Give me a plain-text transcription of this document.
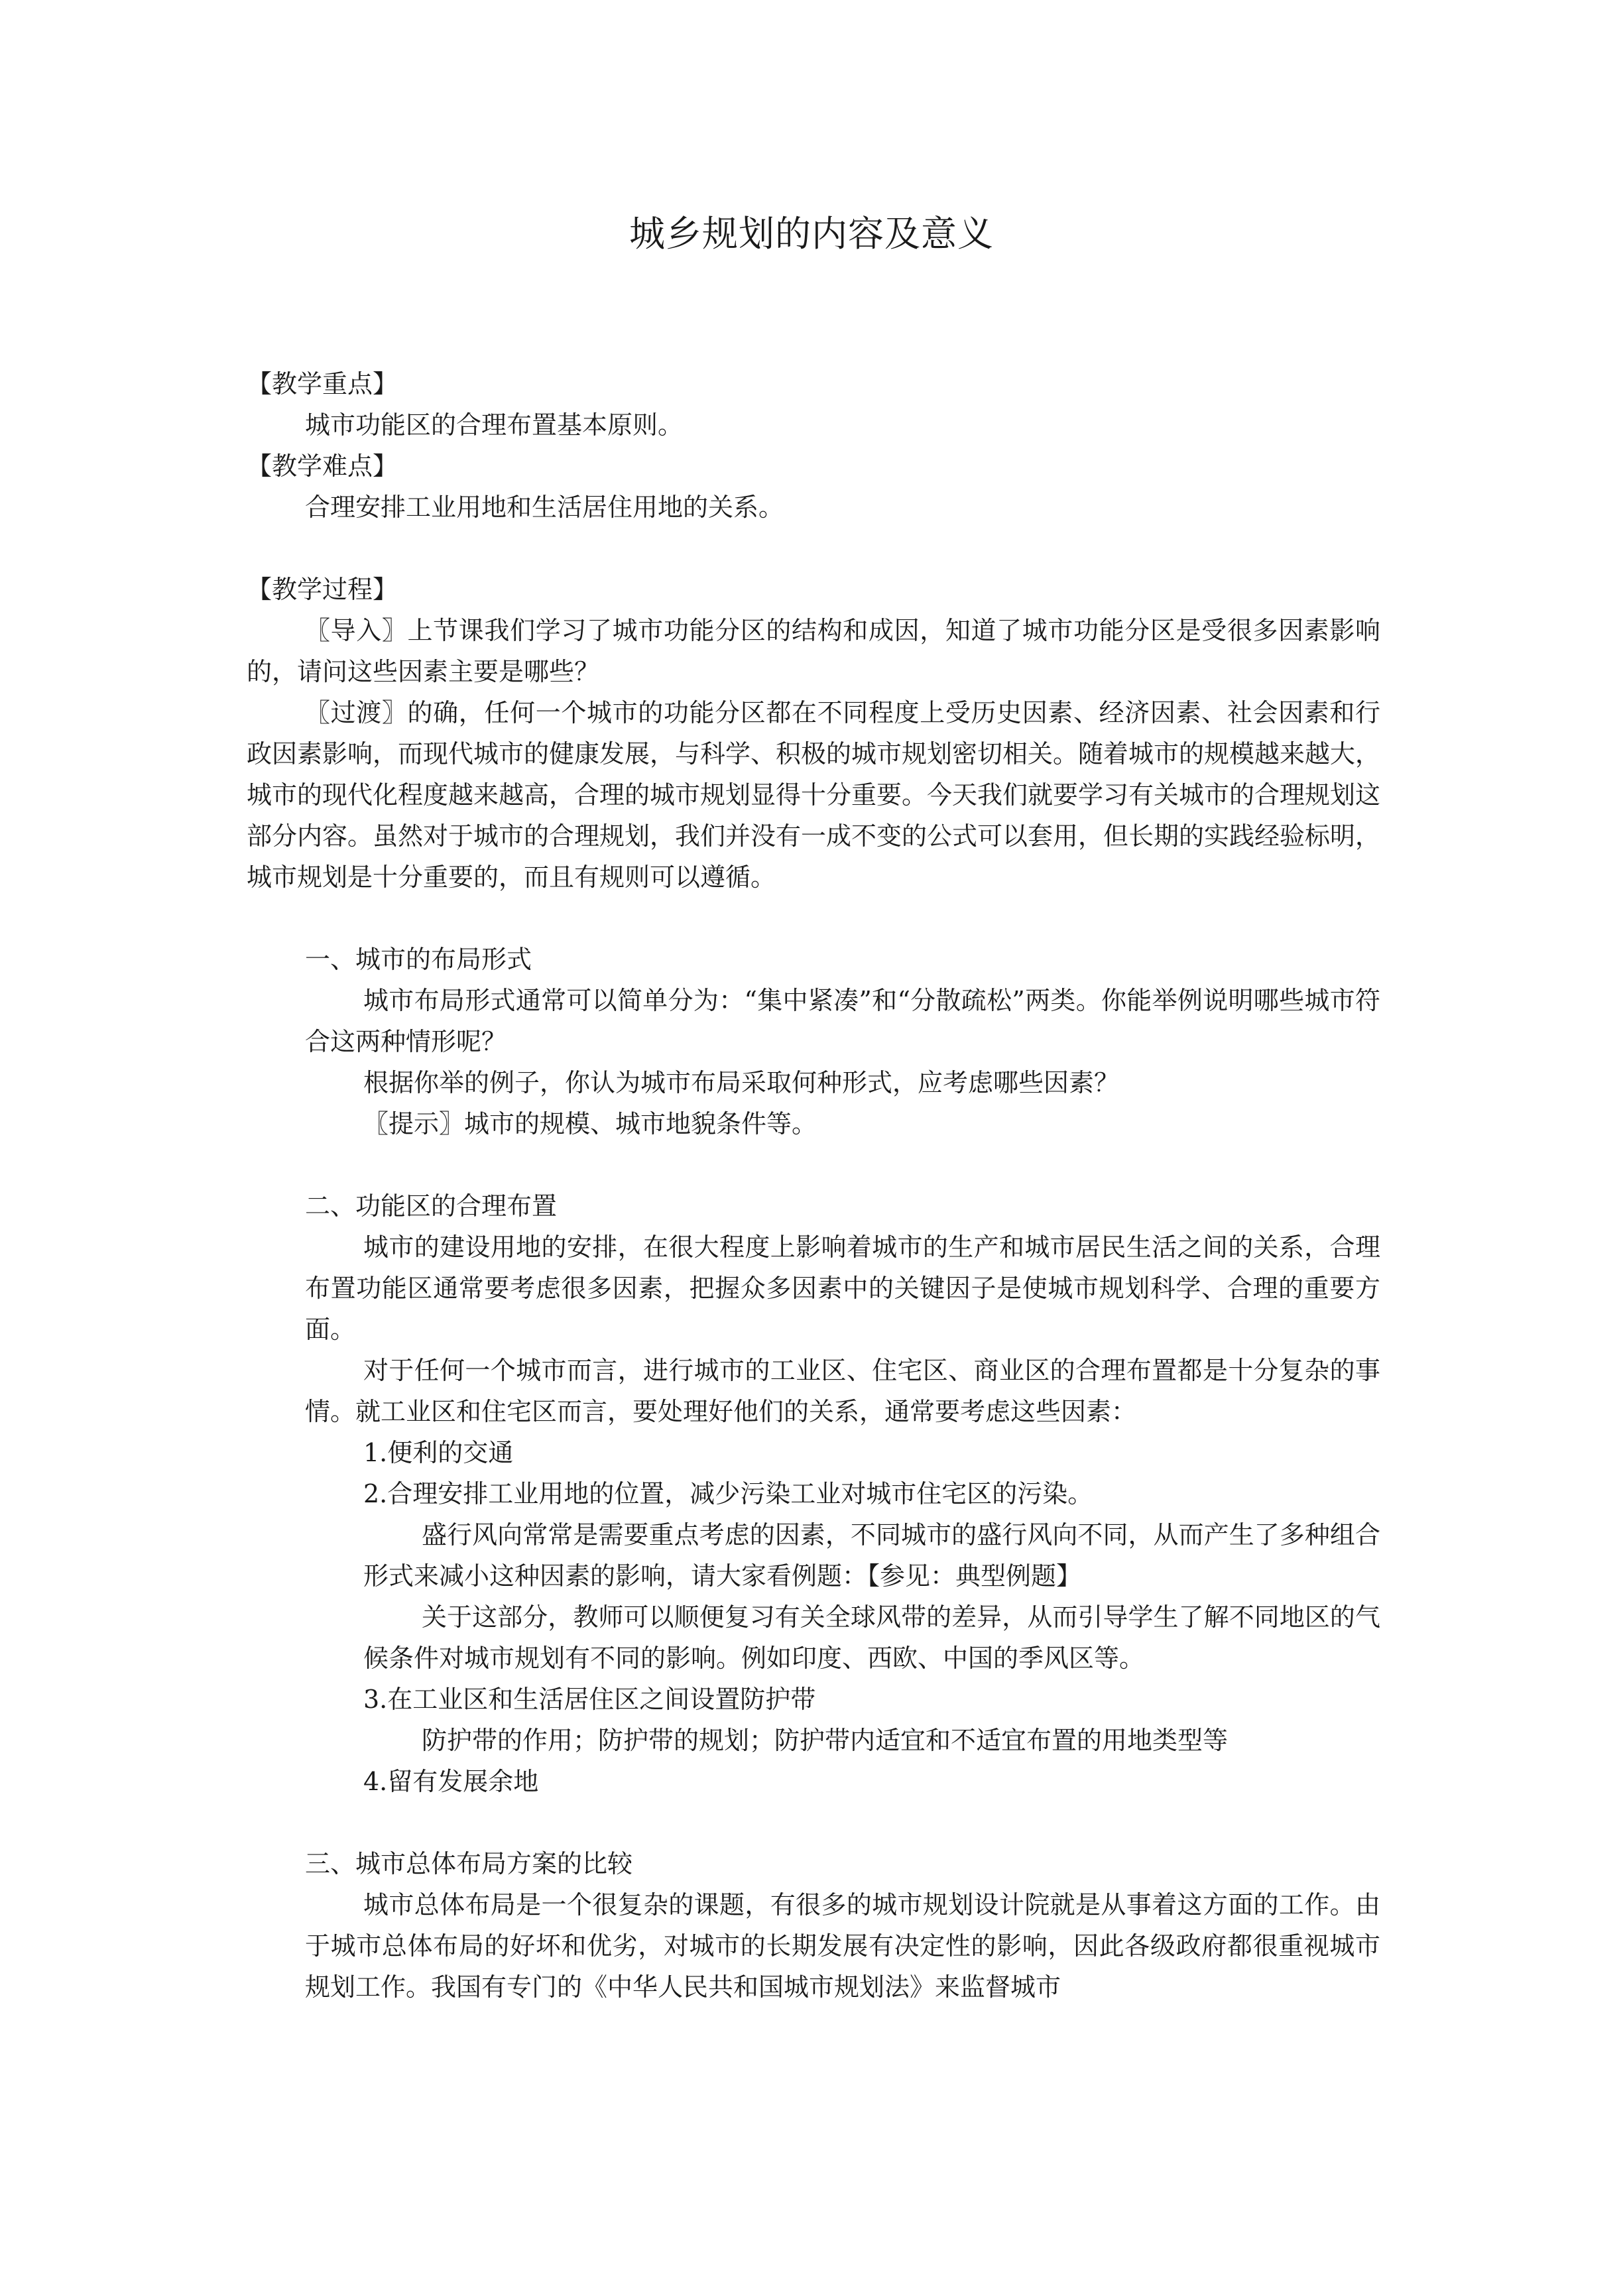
城乡规划的内容及意义

【教学重点】

城市功能区的合理布置基本原则。

【教学难点】

合理安排工业用地和生活居住用地的关系。

【教学过程】

〖导入〗上节课我们学习了城市功能分区的结构和成因，知道了城市功能分区是受很多因素影响的，请问这些因素主要是哪些？

〖过渡〗的确，任何一个城市的功能分区都在不同程度上受历史因素、经济因素、社会因素和行政因素影响，而现代城市的健康发展，与科学、积极的城市规划密切相关。随着城市的规模越来越大，城市的现代化程度越来越高，合理的城市规划显得十分重要。今天我们就要学习有关城市的合理规划这部分内容。虽然对于城市的合理规划，我们并没有一成不变的公式可以套用，但长期的实践经验标明，城市规划是十分重要的，而且有规则可以遵循。

一、城市的布局形式

城市布局形式通常可以简单分为：“集中紧凑”和“分散疏松”两类。你能举例说明哪些城市符合这两种情形呢？

根据你举的例子，你认为城市布局采取何种形式，应考虑哪些因素？

〖提示〗城市的规模、城市地貌条件等。

二、功能区的合理布置

城市的建设用地的安排，在很大程度上影响着城市的生产和城市居民生活之间的关系，合理布置功能区通常要考虑很多因素，把握众多因素中的关键因子是使城市规划科学、合理的重要方面。

对于任何一个城市而言，进行城市的工业区、住宅区、商业区的合理布置都是十分复杂的事情。就工业区和住宅区而言，要处理好他们的关系，通常要考虑这些因素：

1.便利的交通

2.合理安排工业用地的位置，减少污染工业对城市住宅区的污染。

盛行风向常常是需要重点考虑的因素，不同城市的盛行风向不同，从而产生了多种组合形式来减小这种因素的影响，请大家看例题：【参见：典型例题】

关于这部分，教师可以顺便复习有关全球风带的差异，从而引导学生了解不同地区的气候条件对城市规划有不同的影响。例如印度、西欧、中国的季风区等。

3.在工业区和生活居住区之间设置防护带

防护带的作用；防护带的规划；防护带内适宜和不适宜布置的用地类型等

4.留有发展余地

三、城市总体布局方案的比较

城市总体布局是一个很复杂的课题，有很多的城市规划设计院就是从事着这方面的工作。由于城市总体布局的好坏和优劣，对城市的长期发展有决定性的影响，因此各级政府都很重视城市规划工作。我国有专门的《中华人民共和国城市规划法》来监督城市
